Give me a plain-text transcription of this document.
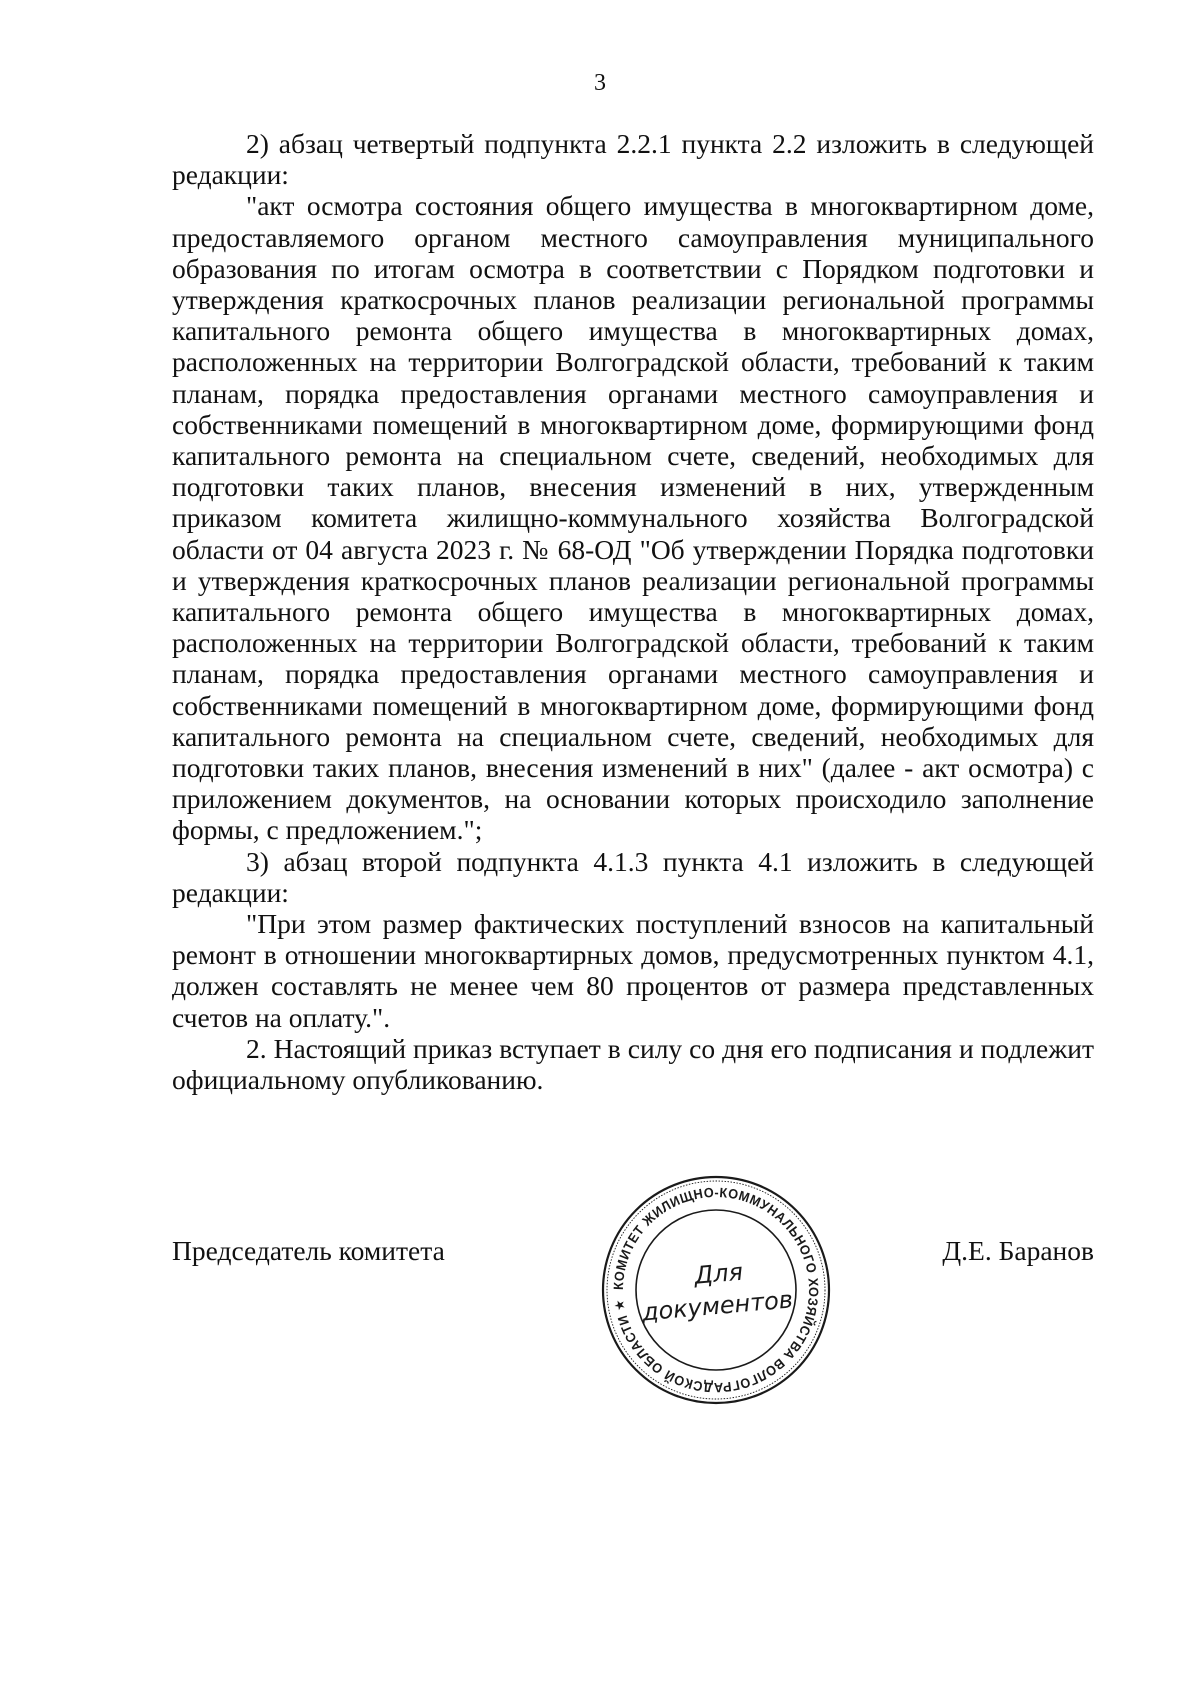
3

2) абзац четвертый подпункта 2.2.1 пункта 2.2 изложить в следующей редакции:

"акт осмотра состояния общего имущества в многоквартирном доме, предоставляемого органом местного самоуправления муниципального образования по итогам осмотра в соответствии с Порядком подготовки и утверждения краткосрочных планов реализации региональной программы капитального ремонта общего имущества в многоквартирных домах, расположенных на территории Волгоградской области, требований к таким планам, порядка предоставления органами местного самоуправления и собственниками помещений в многоквартирном доме, формирующими фонд капитального ремонта на специальном счете, сведений, необходимых для подготовки таких планов, внесения изменений в них, утвержденным приказом комитета жилищно-коммунального хозяйства Волгоградской области от 04 августа 2023 г. № 68-ОД "Об утверждении Порядка подготовки и утверждения краткосрочных планов реализации региональной программы капитального ремонта общего имущества в многоквартирных домах, расположенных на территории Волгоградской области, требований к таким планам, порядка предоставления органами местного самоуправления и собственниками помещений в многоквартирном доме, формирующими фонд капитального ремонта на специальном счете, сведений, необходимых для подготовки таких планов, внесения изменений в них" (далее - акт осмотра) с приложением документов, на основании которых происходило заполнение формы, с предложением.";

3) абзац второй подпункта 4.1.3 пункта 4.1 изложить в следующей редакции:

"При этом размер фактических поступлений взносов на капитальный ремонт в отношении многоквартирных домов, предусмотренных пунктом 4.1, должен составлять не менее чем 80 процентов от размера представленных счетов на оплату.".

2. Настоящий приказ вступает в силу со дня его подписания и подлежит официальному опубликованию.

Председатель комитета	Д.Е. Баранов
КОМИТЕТ ЖИЛИЩНО-КОММУНАЛЬНОГО ХОЗЯЙСТВА ВОЛГОГРАДСКОЙ ОБЛАСТИ ★
Для
документов
